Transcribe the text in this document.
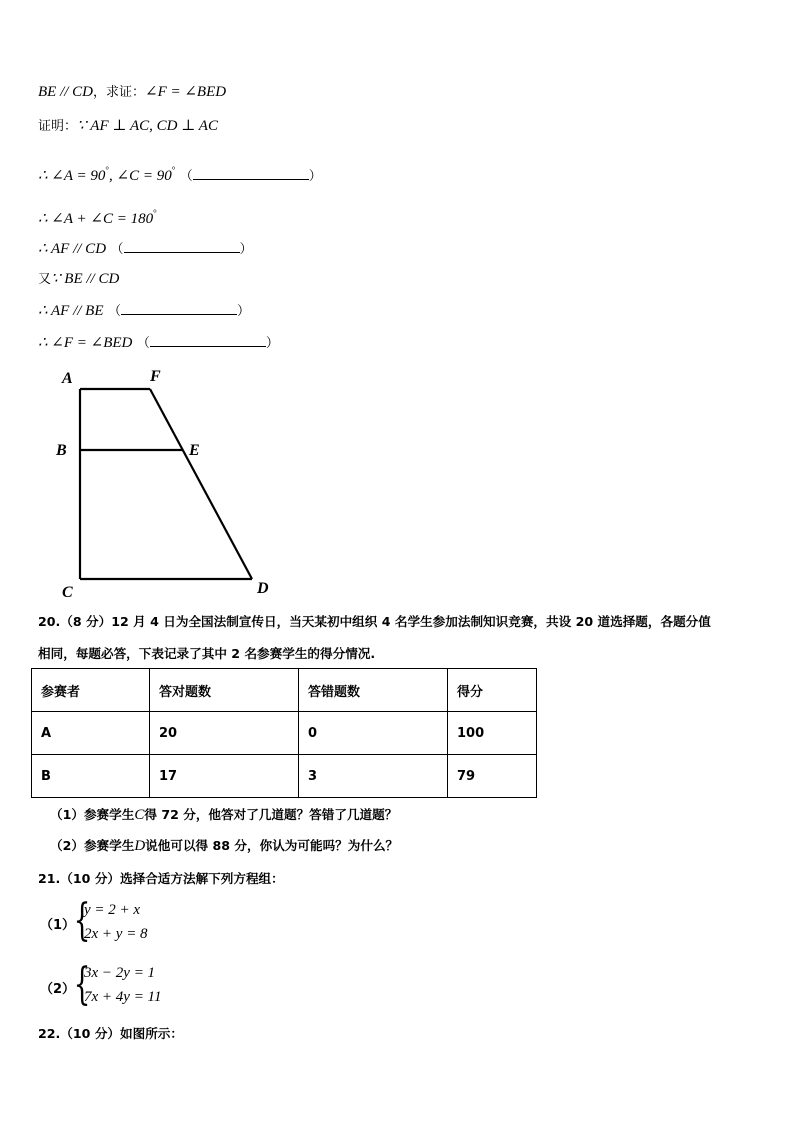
BE // CD，求证：∠F = ∠BED
证明：∵ AF ⊥ AC, CD ⊥ AC
∴ ∠A = 90°, ∠C = 90° （	）
∴ ∠A + ∠C = 180°
∴ AF // CD （	）
又∵ BE // CD
∴ AF // BE （	）
∴ ∠F = ∠BED （	）
A	F
B	E
C	D
20.（8 分）12 月 4 日为全国法制宣传日，当天某初中组织 4 名学生参加法制知识竞赛，共设 20 道选择题，各题分值
相同，每题必答，下表记录了其中 2 名参赛学生的得分情况.
参赛者	答对题数	答错题数	得分
A	20	0	100
B	17	3	79
（1）参赛学生C得 72 分，他答对了几道题？答错了几道题？
（2）参赛学生D说他可以得 88 分，你认为可能吗？为什么？
21.（10 分）选择合适方法解下列方程组：
（1）
{
y = 2 + x
2x + y = 8
（2）
{
3x − 2y = 1
7x + 4y = 11
22.（10 分）如图所示：
